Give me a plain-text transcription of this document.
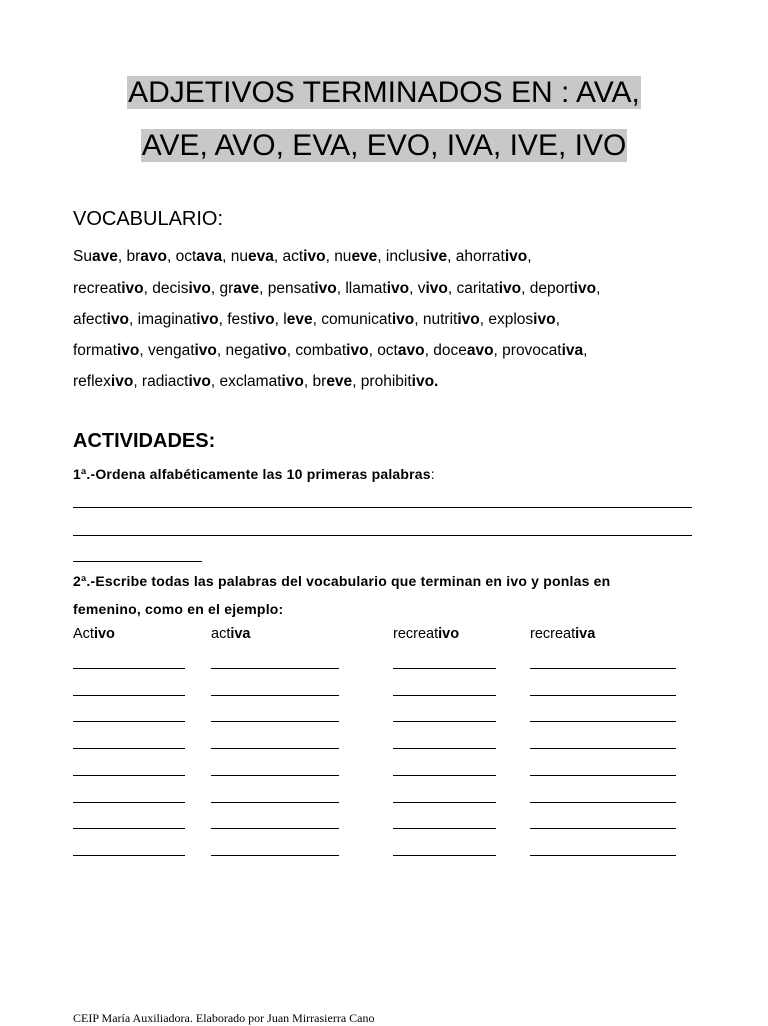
ADJETIVOS TERMINADOS EN : AVA,
AVE, AVO, EVA, EVO, IVA, IVE, IVO
VOCABULARIO:
Suave, bravo, octava, nueva, activo, nueve, inclusive, ahorrativo,
recreativo, decisivo, grave, pensativo, llamativo, vivo, caritativo, deportivo,
afectivo, imaginativo, festivo, leve, comunicativo, nutritivo, explosivo,
formativo, vengativo, negativo, combativo, octavo, doceavo, provocativa,
reflexivo, radiactivo, exclamativo, breve, prohibitivo.
ACTIVIDADES:
1ª.-Ordena alfabéticamente las 10 primeras palabras:
2ª.-Escribe todas las palabras del vocabulario que terminan en ivo y ponlas en
femenino, como en el ejemplo:
Activo	activa	recreativo	recreativa
CEIP María Auxiliadora. Elaborado por Juan Mirrasierra Cano
